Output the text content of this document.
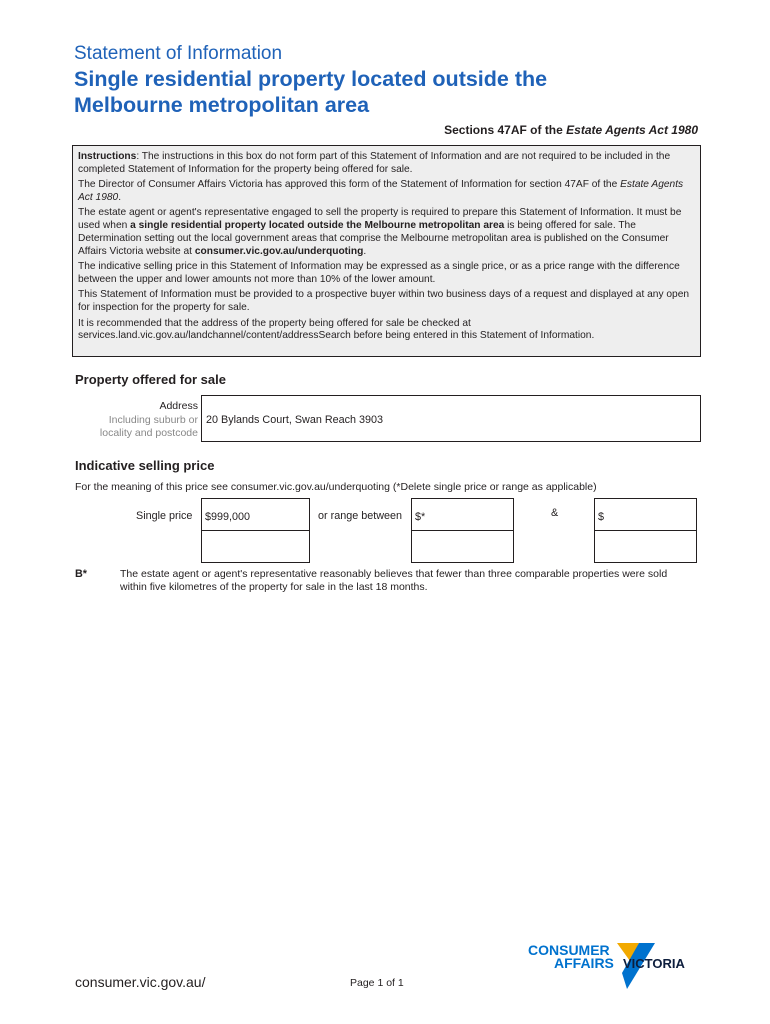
Statement of Information
Single residential property located outside the
Melbourne metropolitan area
Sections 47AF of the Estate Agents Act 1980

Instructions: The instructions in this box do not form part of this Statement of Information and are not required to be included in the completed Statement of Information for the property being offered for sale.

The Director of Consumer Affairs Victoria has approved this form of the Statement of Information for section 47AF of the Estate Agents Act 1980.

The estate agent or agent's representative engaged to sell the property is required to prepare this Statement of Information. It must be used when a single residential property located outside the Melbourne metropolitan area is being offered for sale. The Determination setting out the local government areas that comprise the Melbourne metropolitan area is published on the Consumer Affairs Victoria website at consumer.vic.gov.au/underquoting.

The indicative selling price in this Statement of Information may be expressed as a single price, or as a price range with the difference between the upper and lower amounts not more than 10% of the lower amount.

This Statement of Information must be provided to a prospective buyer within two business days of a request and displayed at any open for inspection for the property for sale.

It is recommended that the address of the property being offered for sale be checked at services.land.vic.gov.au/landchannel/content/addressSearch before being entered in this Statement of Information.

Property offered for sale
Address
Including suburb or
locality and postcode
20 Bylands Court, Swan Reach 3903
Indicative selling price
For the meaning of this price see consumer.vic.gov.au/underquoting (*Delete single price or range as applicable)
Single price $999,000	or range between $*	&	$
B*	The estate agent or agent's representative reasonably believes that fewer than three comparable properties were sold within five kilometres of the property for sale in the last 18 months.
consumer.vic.gov.au/	Page 1 of 1
CONSUMER
AFFAIRS VICTORIA
